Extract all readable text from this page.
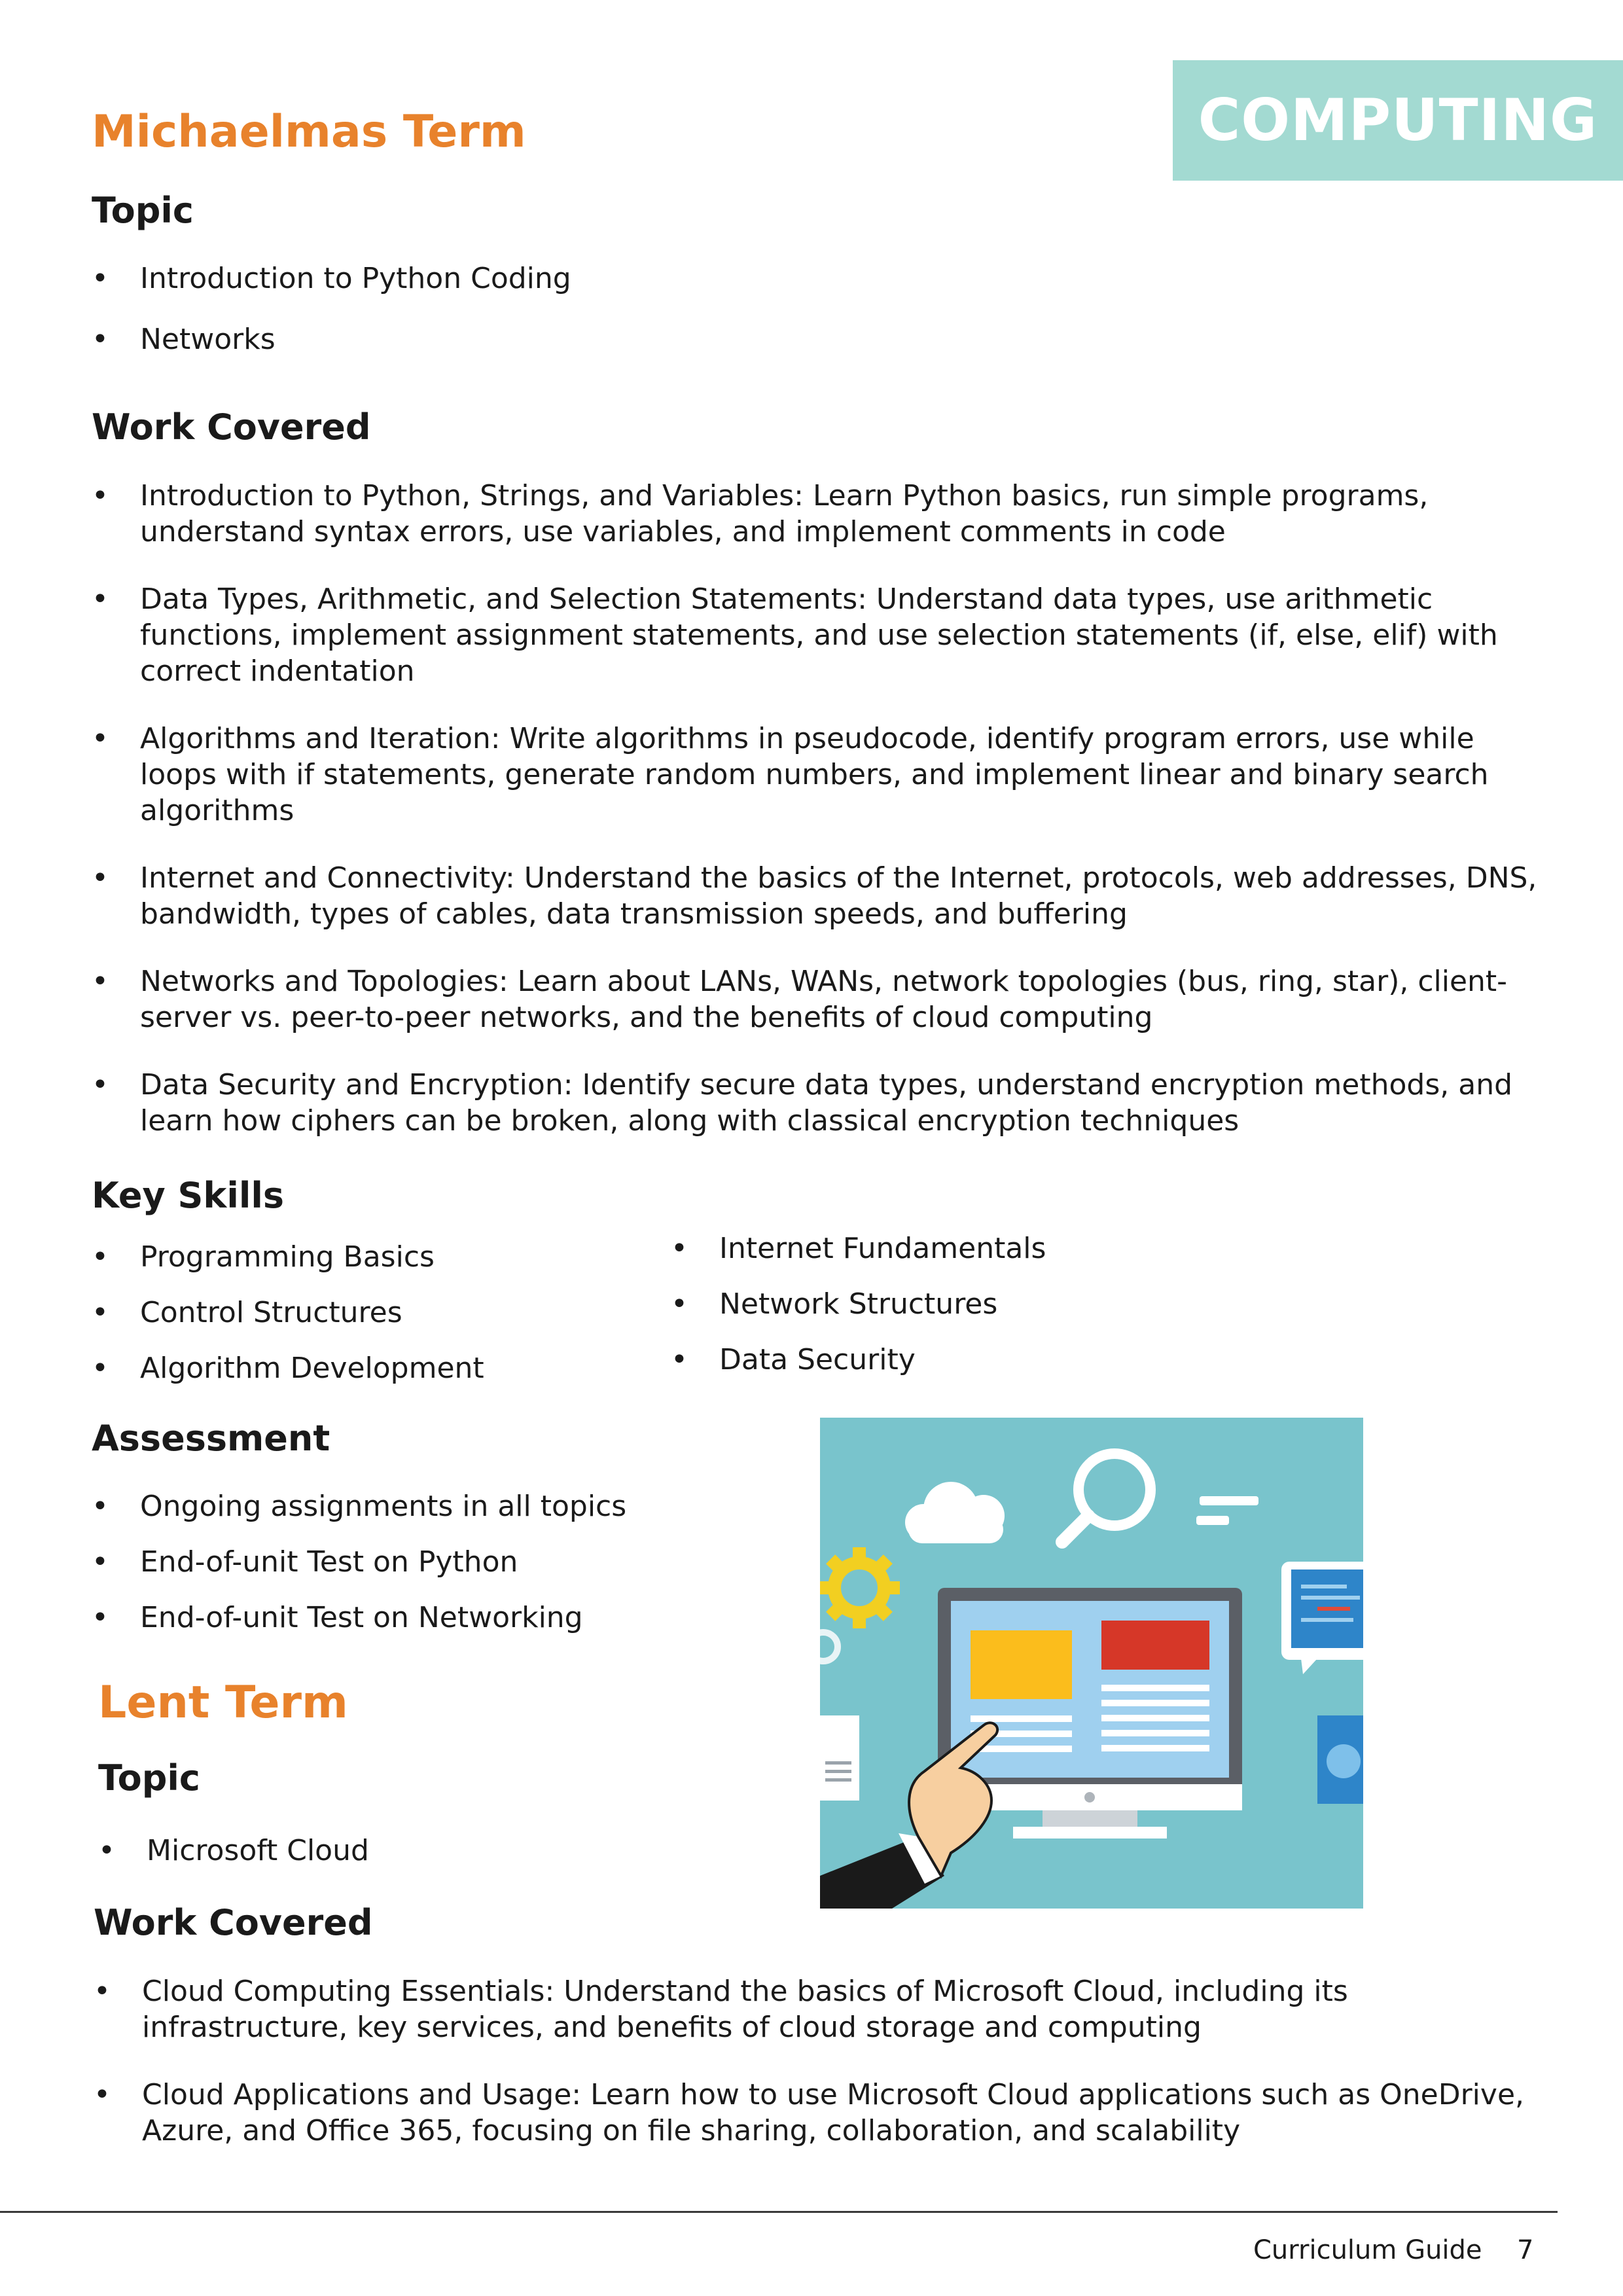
COMPUTING
Michaelmas Term
Topic
• Introduction to Python Coding
• Networks
Work Covered
• Introduction to Python, Strings, and Variables: Learn Python basics, run simple programs, understand syntax errors, use variables, and implement comments in code
• Data Types, Arithmetic, and Selection Statements: Understand data types, use arithmetic functions, implement assignment statements, and use selection statements (if, else, elif) with correct indentation
• Algorithms and Iteration: Write algorithms in pseudocode, identify program errors, use while loops with if statements, generate random numbers, and implement linear and binary search algorithms
• Internet and Connectivity: Understand the basics of the Internet, protocols, web addresses, DNS, bandwidth, types of cables, data transmission speeds, and buffering
• Networks and Topologies: Learn about LANs, WANs, network topologies (bus, ring, star), client-server vs. peer-to-peer networks, and the benefits of cloud computing
• Data Security and Encryption: Identify secure data types, understand encryption methods, and learn how ciphers can be broken, along with classical encryption techniques
Key Skills
• Programming Basics
• Control Structures
• Algorithm Development
• Internet Fundamentals
• Network Structures
• Data Security
Assessment
• Ongoing assignments in all topics
• End-of-unit Test on Python
• End-of-unit Test on Networking
Lent Term
Topic
• Microsoft Cloud
Work Covered
• Cloud Computing Essentials: Understand the basics of Microsoft Cloud, including its infrastructure, key services, and benefits of cloud storage and computing
• Cloud Applications and Usage: Learn how to use Microsoft Cloud applications such as OneDrive, Azure, and Office 365, focusing on file sharing, collaboration, and scalability
Curriculum Guide 7
